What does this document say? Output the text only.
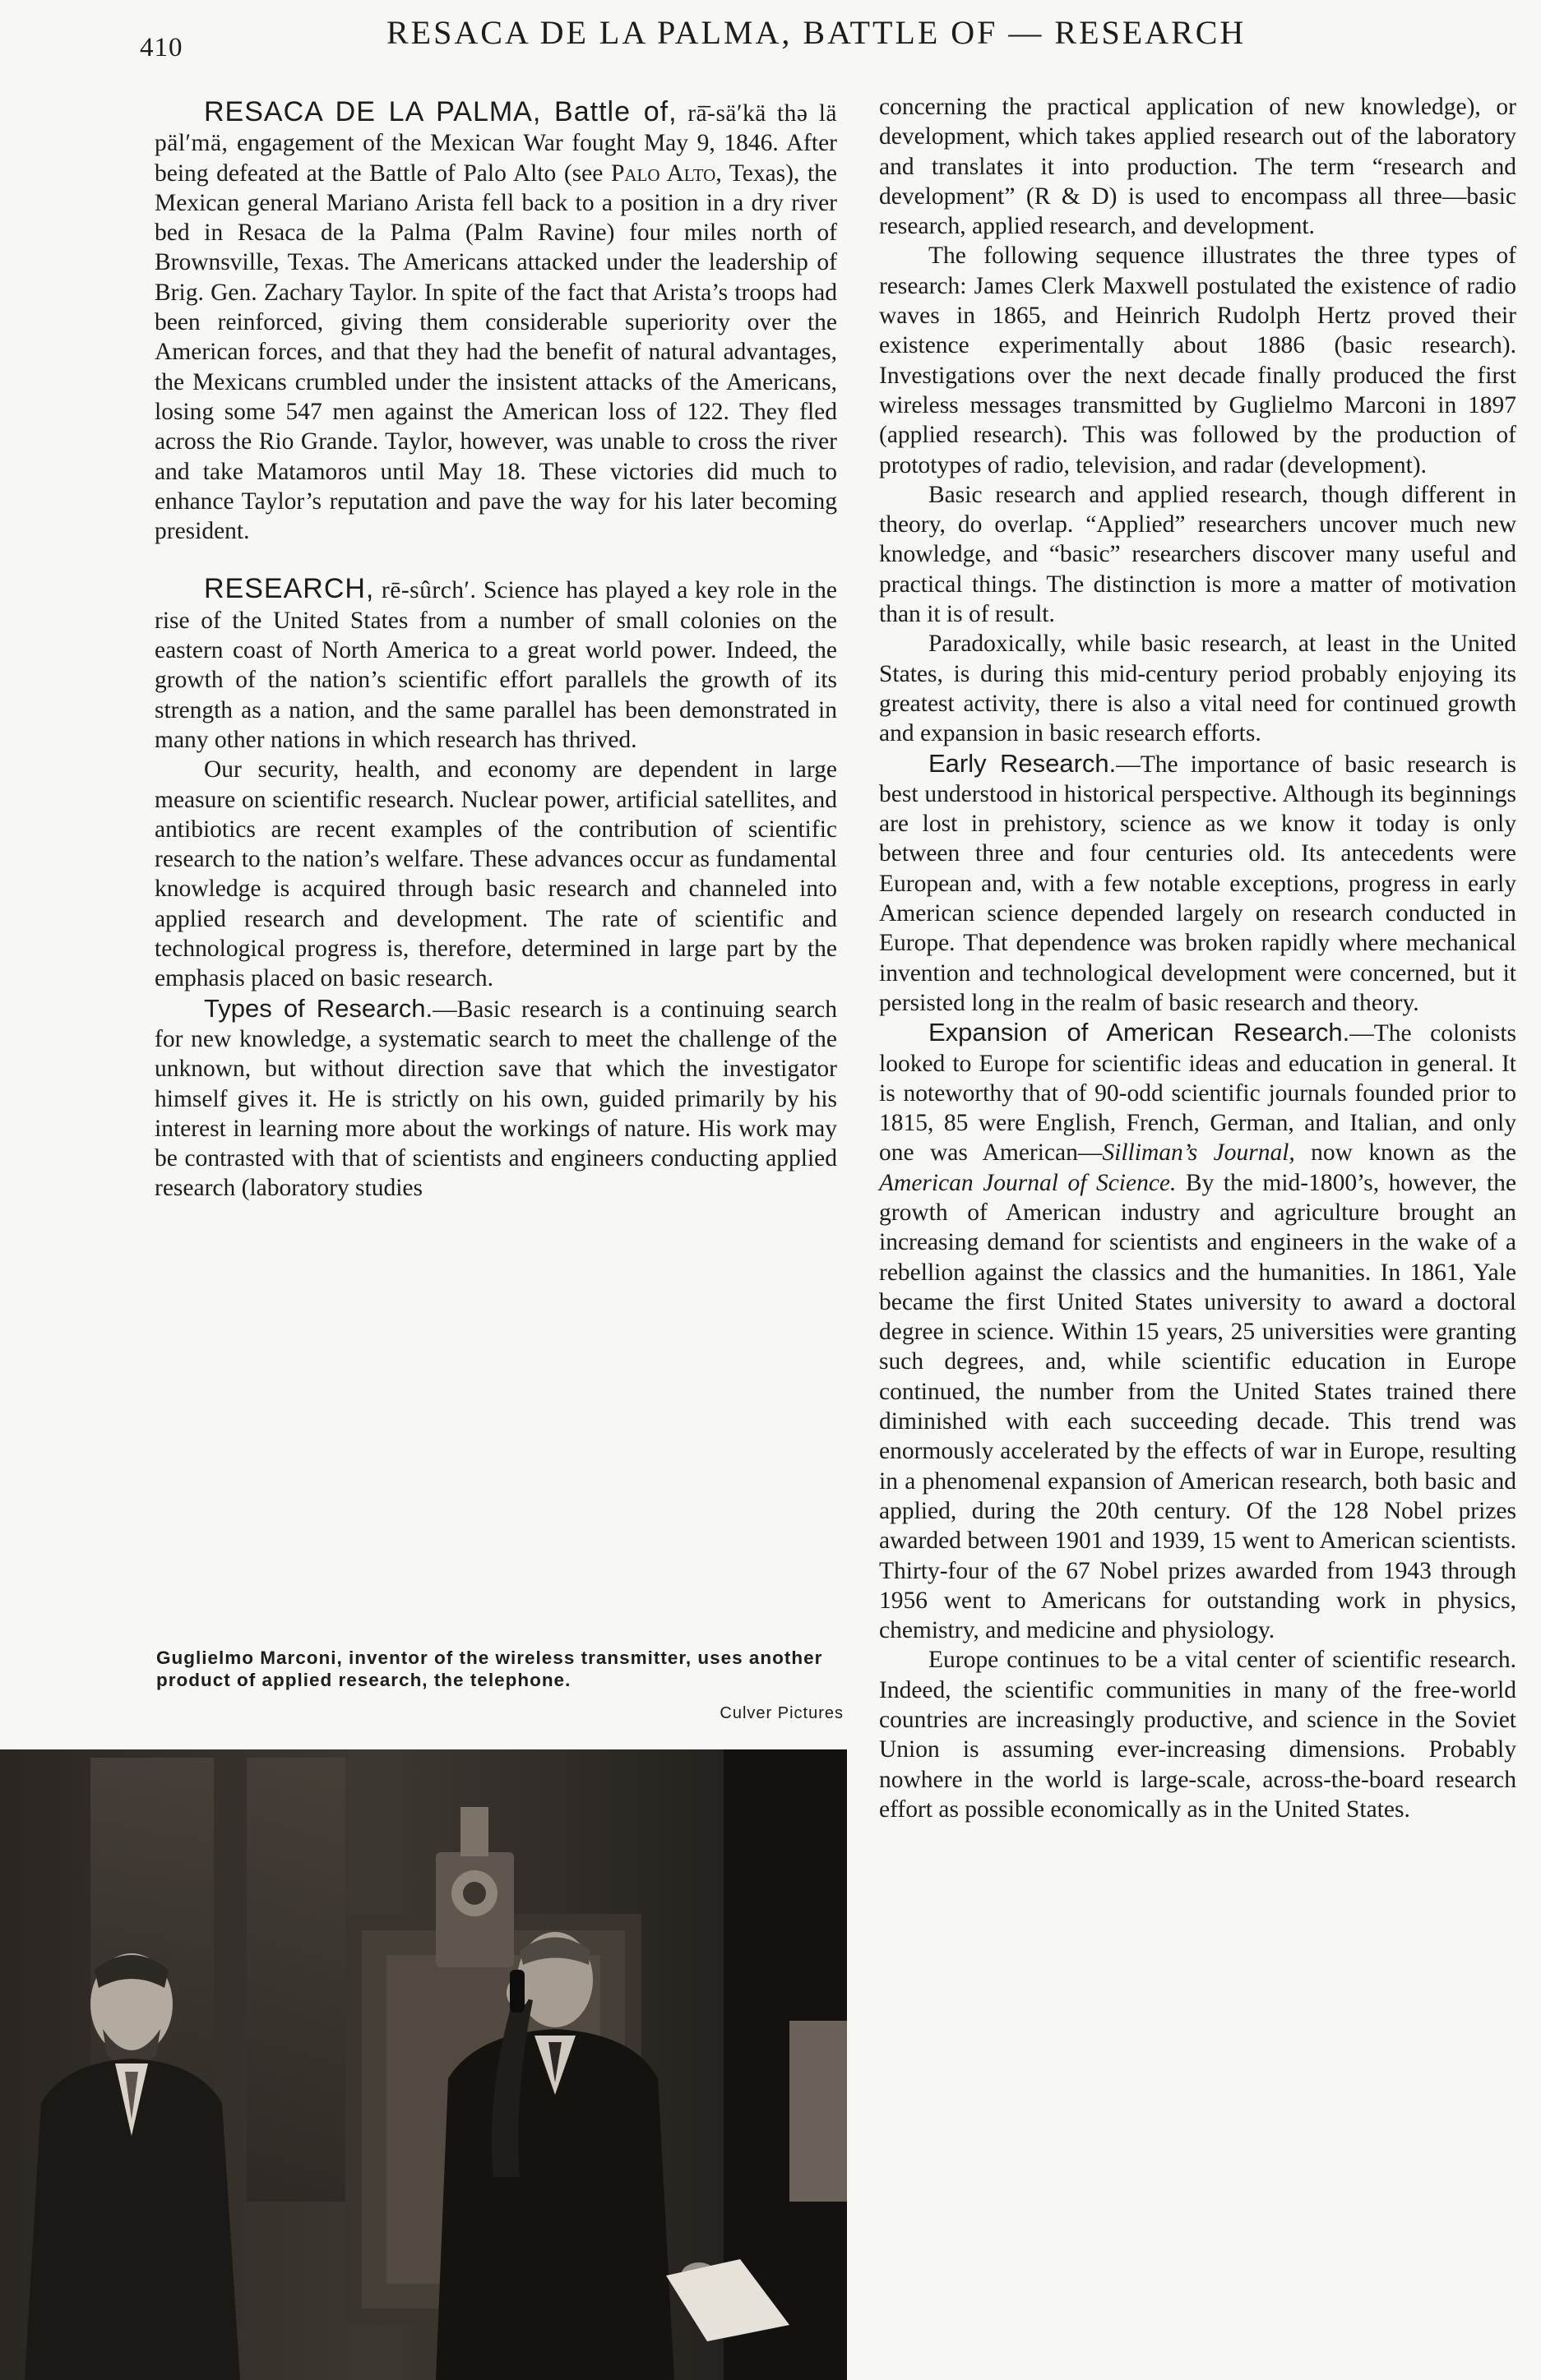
410	RESACA DE LA PALMA, BATTLE OF — RESEARCH

RESACA DE LA PALMA, Battle of, rā̄-sä′kä thə lä päl′mä, engagement of the Mexican War fought May 9, 1846. After being defeated at the Battle of Palo Alto (see Palo Alto, Texas), the Mexican general Mariano Arista fell back to a position in a dry river bed in Resaca de la Palma (Palm Ravine) four miles north of Brownsville, Texas. The Americans attacked under the leadership of Brig. Gen. Zachary Taylor. In spite of the fact that Arista’s troops had been reinforced, giving them considerable superiority over the American forces, and that they had the benefit of natural advantages, the Mexicans crumbled under the insistent attacks of the Americans, losing some 547 men against the American loss of 122. They fled across the Rio Grande. Taylor, however, was unable to cross the river and take Matamoros until May 18. These victories did much to enhance Taylor’s reputation and pave the way for his later becoming president.

RESEARCH, rē-sûrch′. Science has played a key role in the rise of the United States from a number of small colonies on the eastern coast of North America to a great world power. Indeed, the growth of the nation’s scientific effort parallels the growth of its strength as a nation, and the same parallel has been demonstrated in many other nations in which research has thrived.

Our security, health, and economy are dependent in large measure on scientific research. Nuclear power, artificial satellites, and antibiotics are recent examples of the contribution of scientific research to the nation’s welfare. These advances occur as fundamental knowledge is acquired through basic research and channeled into applied research and development. The rate of scientific and technological progress is, therefore, determined in large part by the emphasis placed on basic research.

Types of Research.—Basic research is a continuing search for new knowledge, a systematic search to meet the challenge of the unknown, but without direction save that which the investigator himself gives it. He is strictly on his own, guided primarily by his interest in learning more about the workings of nature. His work may be contrasted with that of scientists and engineers conducting applied research (laboratory studies

Guglielmo Marconi, inventor of the wireless transmitter, uses another product of applied research, the telephone.
Culver Pictures

concerning the practical application of new knowledge), or development, which takes applied research out of the laboratory and translates it into production. The term “research and development” (R & D) is used to encompass all three—basic research, applied research, and development.

The following sequence illustrates the three types of research: James Clerk Maxwell postulated the existence of radio waves in 1865, and Heinrich Rudolph Hertz proved their existence experimentally about 1886 (basic research). Investigations over the next decade finally produced the first wireless messages transmitted by Guglielmo Marconi in 1897 (applied research). This was followed by the production of prototypes of radio, television, and radar (development).

Basic research and applied research, though different in theory, do overlap. “Applied” researchers uncover much new knowledge, and “basic” researchers discover many useful and practical things. The distinction is more a matter of motivation than it is of result.

Paradoxically, while basic research, at least in the United States, is during this mid-century period probably enjoying its greatest activity, there is also a vital need for continued growth and expansion in basic research efforts.

Early Research.—The importance of basic research is best understood in historical perspective. Although its beginnings are lost in prehistory, science as we know it today is only between three and four centuries old. Its antecedents were European and, with a few notable exceptions, progress in early American science depended largely on research conducted in Europe. That dependence was broken rapidly where mechanical invention and technological development were concerned, but it persisted long in the realm of basic research and theory.

Expansion of American Research.—The colonists looked to Europe for scientific ideas and education in general. It is noteworthy that of 90-odd scientific journals founded prior to 1815, 85 were English, French, German, and Italian, and only one was American—Silliman’s Journal, now known as the American Journal of Science. By the mid-1800’s, however, the growth of American industry and agriculture brought an increasing demand for scientists and engineers in the wake of a rebellion against the classics and the humanities. In 1861, Yale became the first United States university to award a doctoral degree in science. Within 15 years, 25 universities were granting such degrees, and, while scientific education in Europe continued, the number from the United States trained there diminished with each succeeding decade. This trend was enormously accelerated by the effects of war in Europe, resulting in a phenomenal expansion of American research, both basic and applied, during the 20th century. Of the 128 Nobel prizes awarded between 1901 and 1939, 15 went to American scientists. Thirty-four of the 67 Nobel prizes awarded from 1943 through 1956 went to Americans for outstanding work in physics, chemistry, and medicine and physiology.

Europe continues to be a vital center of scientific research. Indeed, the scientific communities in many of the free-world countries are increasingly productive, and science in the Soviet Union is assuming ever-increasing dimensions. Probably nowhere in the world is large-scale, across-the-board research effort as possible economically as in the United States.
